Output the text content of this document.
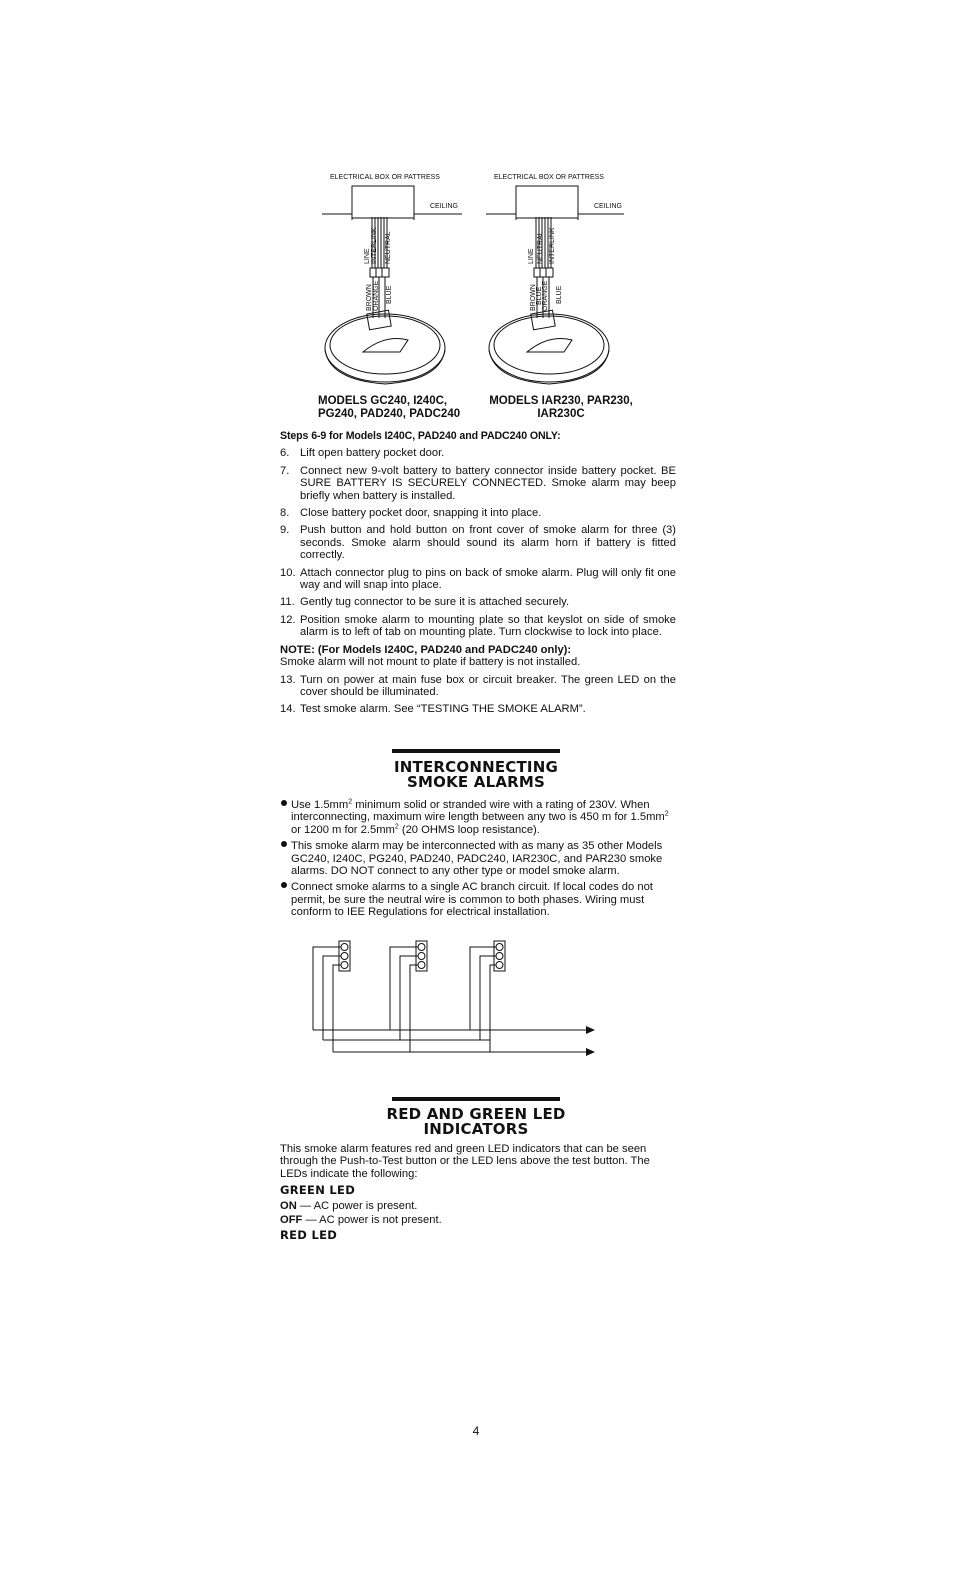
ELECTRICAL BOX OR PATTRESS
CEILING
LINE INTERLINK NEUTRAL
BROWN ORANGE BLUE
ELECTRICAL BOX OR PATTRESS
CEILING
LINE NEUTRAL INTERLINK
BROWN BLUE ORANGE BLUE
MODELS GC240, I240C,
PG240, PAD240, PADC240
MODELS IAR230, PAR230,
IAR230C
Steps 6-9 for Models I240C, PAD240 and PADC240 ONLY:
6. Lift open battery pocket door.
7. Connect new 9-volt battery to battery connector inside battery pocket. BE SURE BATTERY IS SECURELY CONNECTED. Smoke alarm may beep briefly when battery is installed.
8. Close battery pocket door, snapping it into place.
9. Push button and hold button on front cover of smoke alarm for three (3) seconds. Smoke alarm should sound its alarm horn if battery is fitted correctly.
10. Attach connector plug to pins on back of smoke alarm. Plug will only fit one way and will snap into place.
11. Gently tug connector to be sure it is attached securely.
12. Position smoke alarm to mounting plate so that keyslot on side of smoke alarm is to left of tab on mounting plate. Turn clockwise to lock into place.
NOTE: (For Models I240C, PAD240 and PADC240 only):
Smoke alarm will not mount to plate if battery is not installed.
13. Turn on power at main fuse box or circuit breaker. The green LED on the cover should be illuminated.
14. Test smoke alarm. See “TESTING THE SMOKE ALARM”.
INTERCONNECTING
SMOKE ALARMS
Use $1.5mm^2$ minimum solid or stranded wire with a rating of 230V. When interconnecting, maximum wire length between any two is 450 m for $1.5mm^2$ or 1200 m for $2.5mm^2$ (20 OHMS loop resistance).
This smoke alarm may be interconnected with as many as 35 other Models GC240, I240C, PG240, PAD240, PADC240, IAR230C, and PAR230 smoke alarms. DO NOT connect to any other type or model smoke alarm.
Connect smoke alarms to a single AC branch circuit. If local codes do not permit, be sure the neutral wire is common to both phases. Wiring must conform to IEE Regulations for electrical installation.
RED AND GREEN LED
INDICATORS
This smoke alarm features red and green LED indicators that can be seen through the Push-to-Test button or the LED lens above the test button. The LEDs indicate the following:
GREEN LED
ON — AC power is present.
OFF — AC power is not present.
RED LED
4
